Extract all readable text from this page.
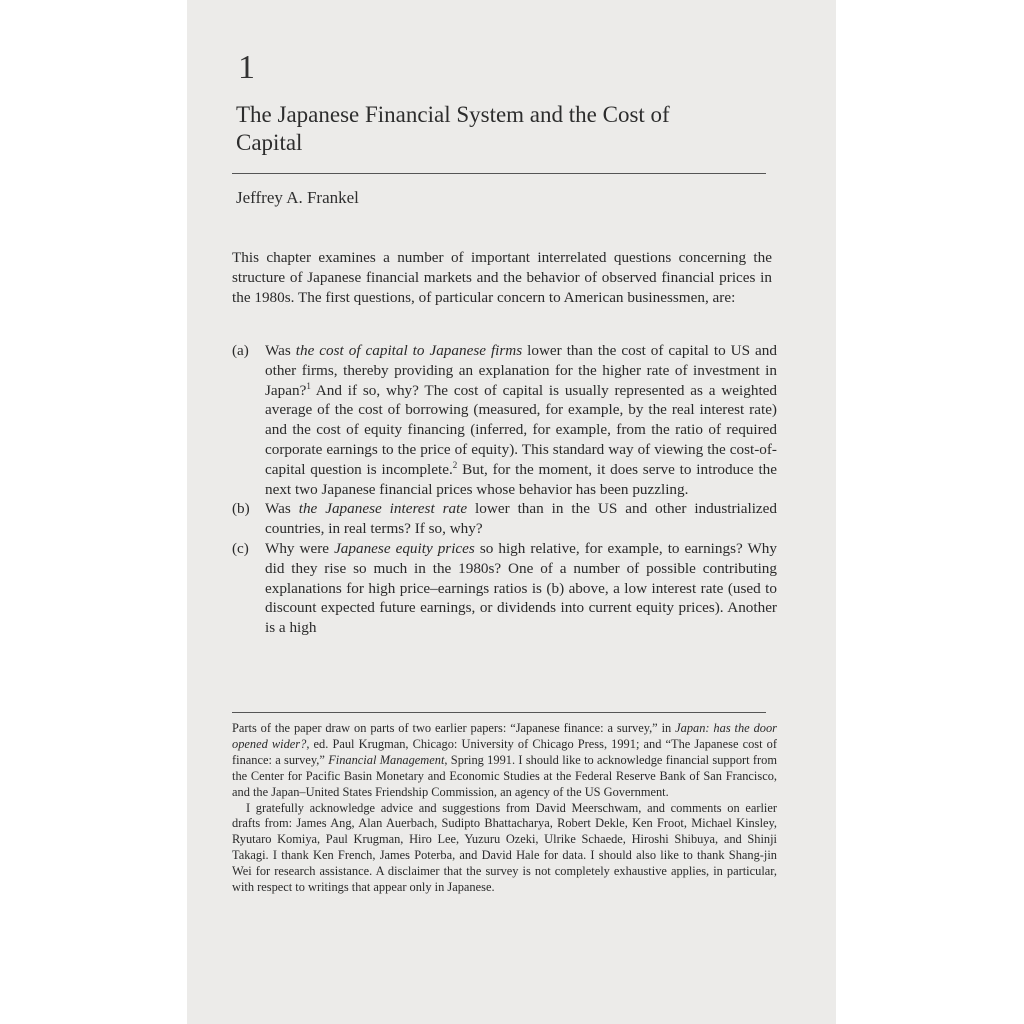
1
The Japanese Financial System and the Cost of Capital
Jeffrey A. Frankel

This chapter examines a number of important interrelated questions concerning the structure of Japanese financial markets and the behavior of observed financial prices in the 1980s. The first questions, of particular concern to American businessmen, are:

(a)	Was the cost of capital to Japanese firms lower than the cost of capital to US and other firms, thereby providing an explanation for the higher rate of investment in Japan?$^1$ And if so, why? The cost of capital is usually represented as a weighted average of the cost of borrowing (measured, for example, by the real interest rate) and the cost of equity financing (inferred, for example, from the ratio of required corporate earnings to the price of equity). This standard way of viewing the cost-of-capital question is incomplete.$^2$ But, for the moment, it does serve to introduce the next two Japanese financial prices whose behavior has been puzzling.
(b)	Was the Japanese interest rate lower than in the US and other industrialized countries, in real terms? If so, why?
(c)	Why were Japanese equity prices so high relative, for example, to earnings? Why did they rise so much in the 1980s? One of a number of possible contributing explanations for high price–earnings ratios is (b) above, a low interest rate (used to discount expected future earnings, or dividends into current equity prices). Another is a high

Parts of the paper draw on parts of two earlier papers: “Japanese finance: a survey,” in Japan: has the door opened wider?, ed. Paul Krugman, Chicago: University of Chicago Press, 1991; and “The Japanese cost of finance: a survey,” Financial Management, Spring 1991. I should like to acknowledge financial support from the Center for Pacific Basin Monetary and Economic Studies at the Federal Reserve Bank of San Francisco, and the Japan–United States Friendship Commission, an agency of the US Government.

I gratefully acknowledge advice and suggestions from David Meerschwam, and comments on earlier drafts from: James Ang, Alan Auerbach, Sudipto Bhattacharya, Robert Dekle, Ken Froot, Michael Kinsley, Ryutaro Komiya, Paul Krugman, Hiro Lee, Yuzuru Ozeki, Ulrike Schaede, Hiroshi Shibuya, and Shinji Takagi. I thank Ken French, James Poterba, and David Hale for data. I should also like to thank Shang-jin Wei for research assistance. A disclaimer that the survey is not completely exhaustive applies, in particular, with respect to writings that appear only in Japanese.
